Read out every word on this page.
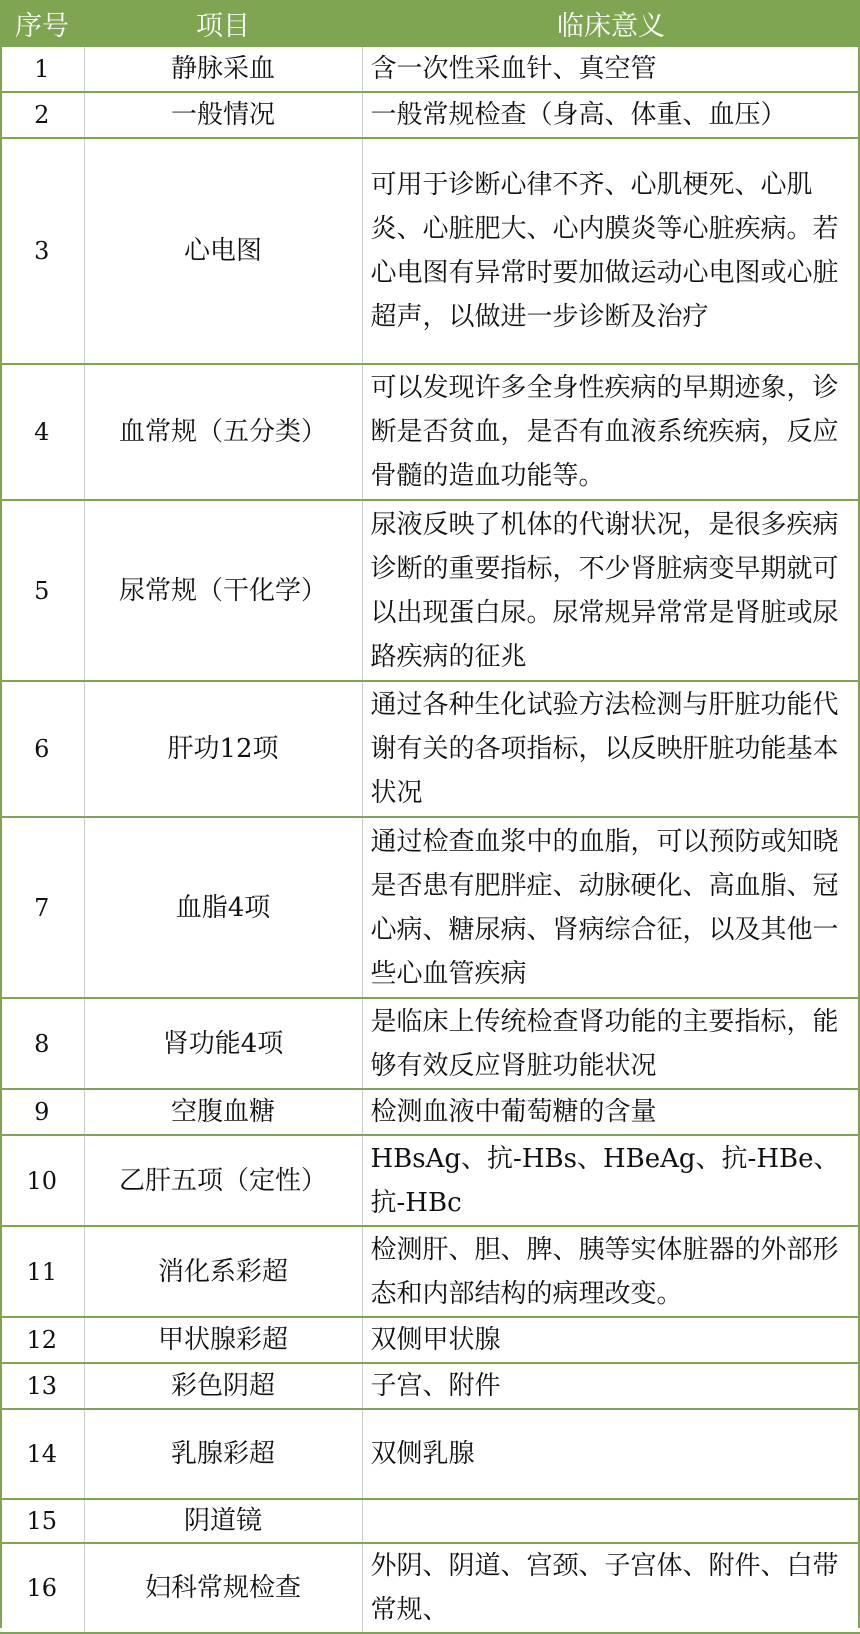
序号	项目	临床意义
1	静脉采血	含一次性采血针、真空管
2	一般情况	一般常规检查（身高、体重、血压）
3	心电图	可用于诊断心律不齐、心肌梗死、心肌炎、心脏肥大、心内膜炎等心脏疾病。若心电图有异常时要加做运动心电图或心脏超声，以做进一步诊断及治疗
4	血常规（五分类）	可以发现许多全身性疾病的早期迹象，诊断是否贫血，是否有血液系统疾病，反应骨髓的造血功能等。
5	尿常规（干化学）	尿液反映了机体的代谢状况，是很多疾病诊断的重要指标，不少肾脏病变早期就可以出现蛋白尿。尿常规异常常是肾脏或尿路疾病的征兆
6	肝功12项	通过各种生化试验方法检测与肝脏功能代谢有关的各项指标，以反映肝脏功能基本状况
7	血脂4项	通过检查血浆中的血脂，可以预防或知晓是否患有肥胖症、动脉硬化、高血脂、冠心病、糖尿病、肾病综合征，以及其他一些心血管疾病
8	肾功能4项	是临床上传统检查肾功能的主要指标，能够有效反应肾脏功能状况
9	空腹血糖	检测血液中葡萄糖的含量
10	乙肝五项（定性）	HBsAg、抗-HBs、HBeAg、抗-HBe、抗-HBc
11	消化系彩超	检测肝、胆、脾、胰等实体脏器的外部形态和内部结构的病理改变。
12	甲状腺彩超	双侧甲状腺
13	彩色阴超	子宫、附件
14	乳腺彩超	双侧乳腺
15	阴道镜	
16	妇科常规检查	外阴、阴道、宫颈、子宫体、附件、白带常规、
